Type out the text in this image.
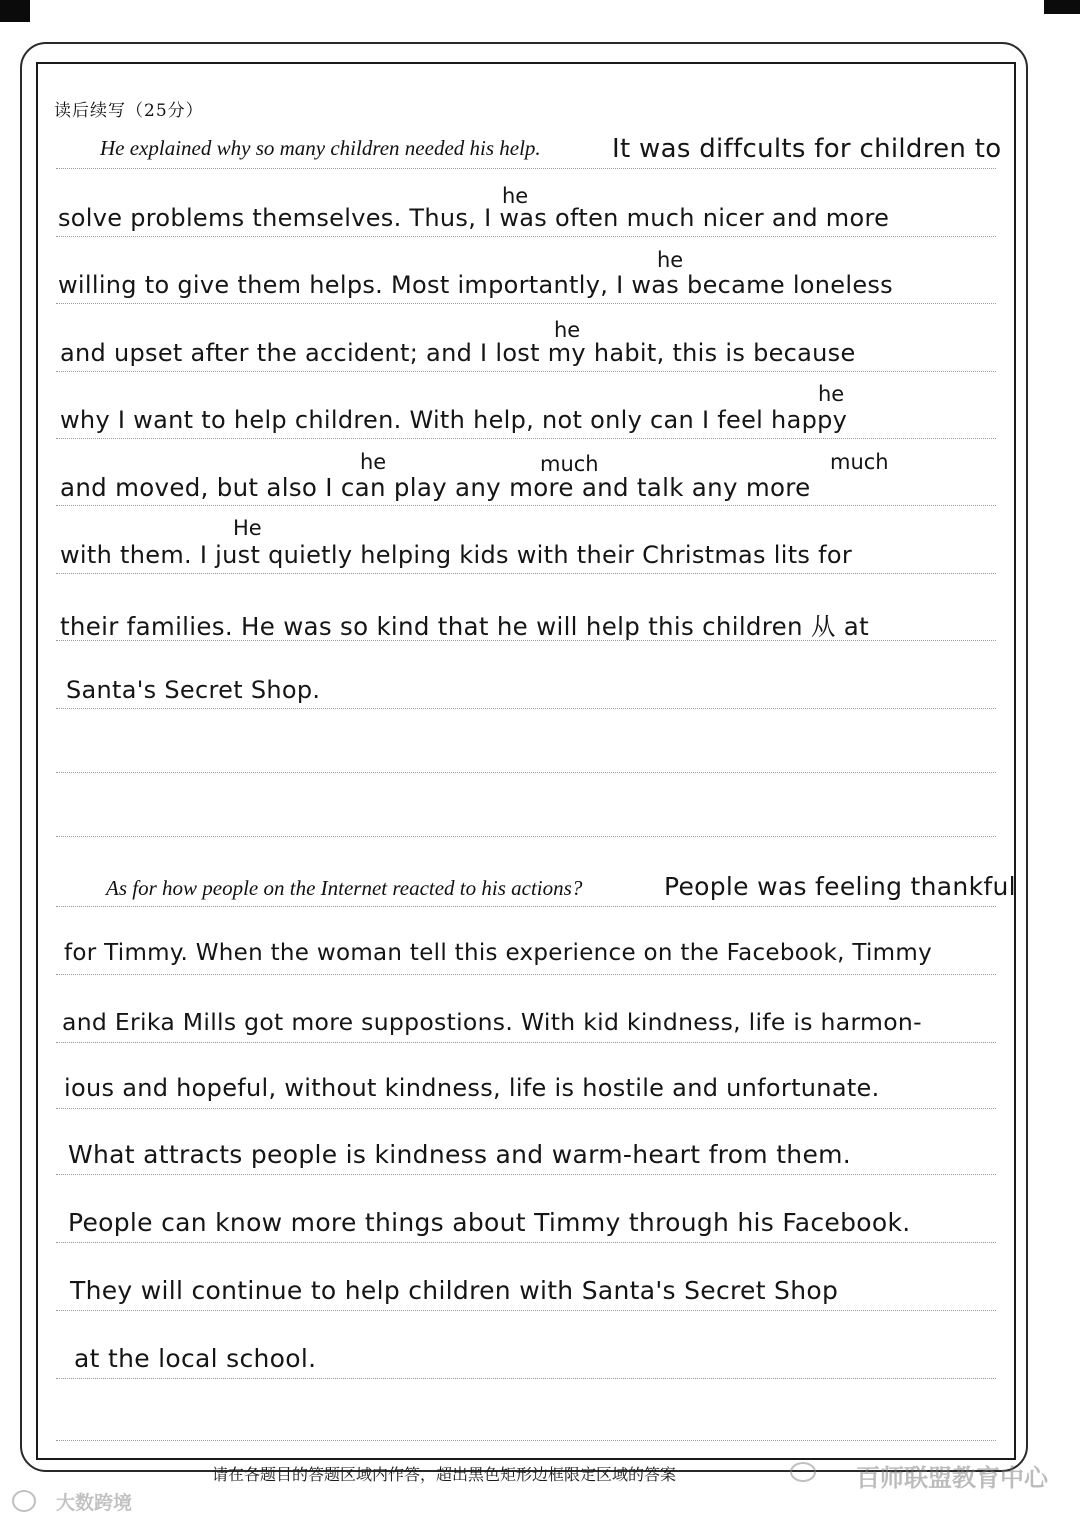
读后续写（25分）
He explained why so many children needed his help.	It was diffcults for children to
solve problems themselves. Thus, I was often much nicer and more
willing to give them helps. Most importantly, I was became loneless
and upset after the accident; and I lost my habit, this is because
why I want to help children. With help, not only can I feel happy
and moved, but also I can play any more and talk any more
with them. I just quietly helping kids with their Christmas lits for
their families. He was so kind that he will help this children 从 at
Santa's Secret Shop.
he
he
he
he
he	much	much
He
As for how people on the Internet reacted to his actions?	People was feeling thankful
for Timmy. When the woman tell this experience on the Facebook, Timmy
and Erika Mills got more suppostions. With kid kindness, life is harmon-
ious and hopeful, without kindness, life is hostile and unfortunate.
What attracts people is kindness and warm-heart from them.
People can know more things about Timmy through his Facebook.
They will continue to help children with Santa's Secret Shop
at the local school.
请在各题目的答题区域内作答，超出黑色矩形边框限定区域的答案	百师联盟教育中心
大数跨境
